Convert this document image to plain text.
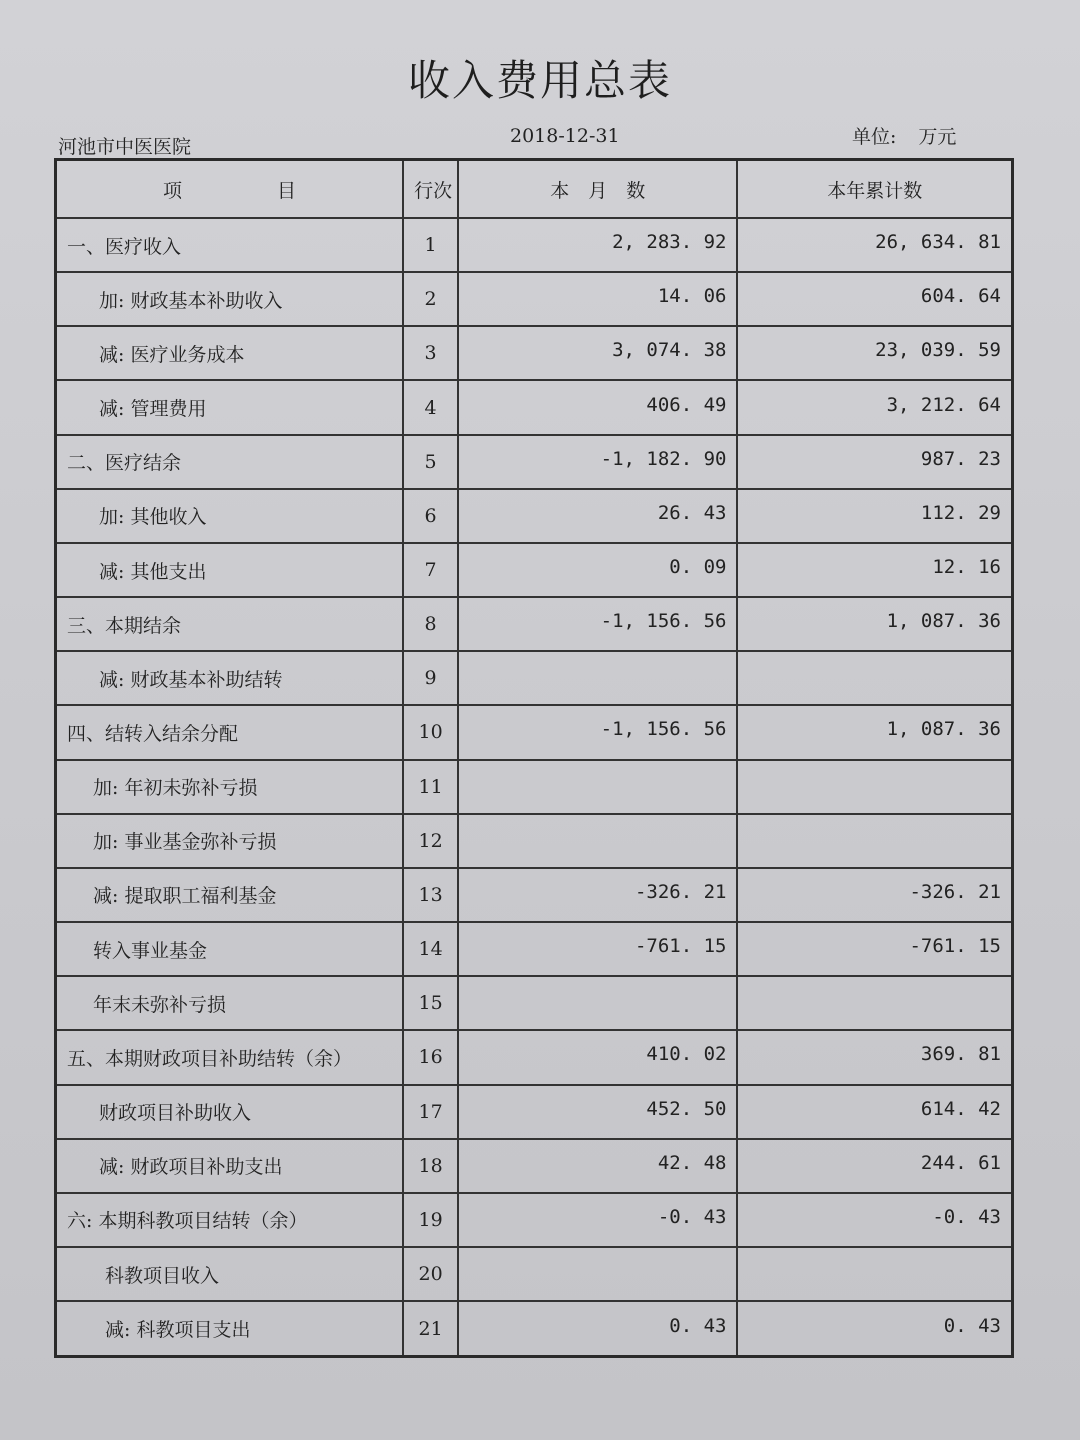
收入费用总表
河池市中医医院	2018-12-31	单位: 万元
项　　　　　目	行次	本　月　数	本年累计数
一、医疗收入	1	2, 283. 92	26, 634. 81
加: 财政基本补助收入	2	14. 06	604. 64
减: 医疗业务成本	3	3, 074. 38	23, 039. 59
减: 管理费用	4	406. 49	3, 212. 64
二、医疗结余	5	-1, 182. 90	987. 23
加: 其他收入	6	26. 43	112. 29
减: 其他支出	7	0. 09	12. 16
三、本期结余	8	-1, 156. 56	1, 087. 36
减: 财政基本补助结转	9		
四、结转入结余分配	10	-1, 156. 56	1, 087. 36
加: 年初未弥补亏损	11		
加: 事业基金弥补亏损	12		
减: 提取职工福利基金	13	-326. 21	-326. 21
转入事业基金	14	-761. 15	-761. 15
年末未弥补亏损	15		
五、本期财政项目补助结转（余）	16	410. 02	369. 81
财政项目补助收入	17	452. 50	614. 42
减: 财政项目补助支出	18	42. 48	244. 61
六: 本期科教项目结转（余）	19	-0. 43	-0. 43
科教项目收入	20		
减: 科教项目支出	21	0. 43	0. 43
